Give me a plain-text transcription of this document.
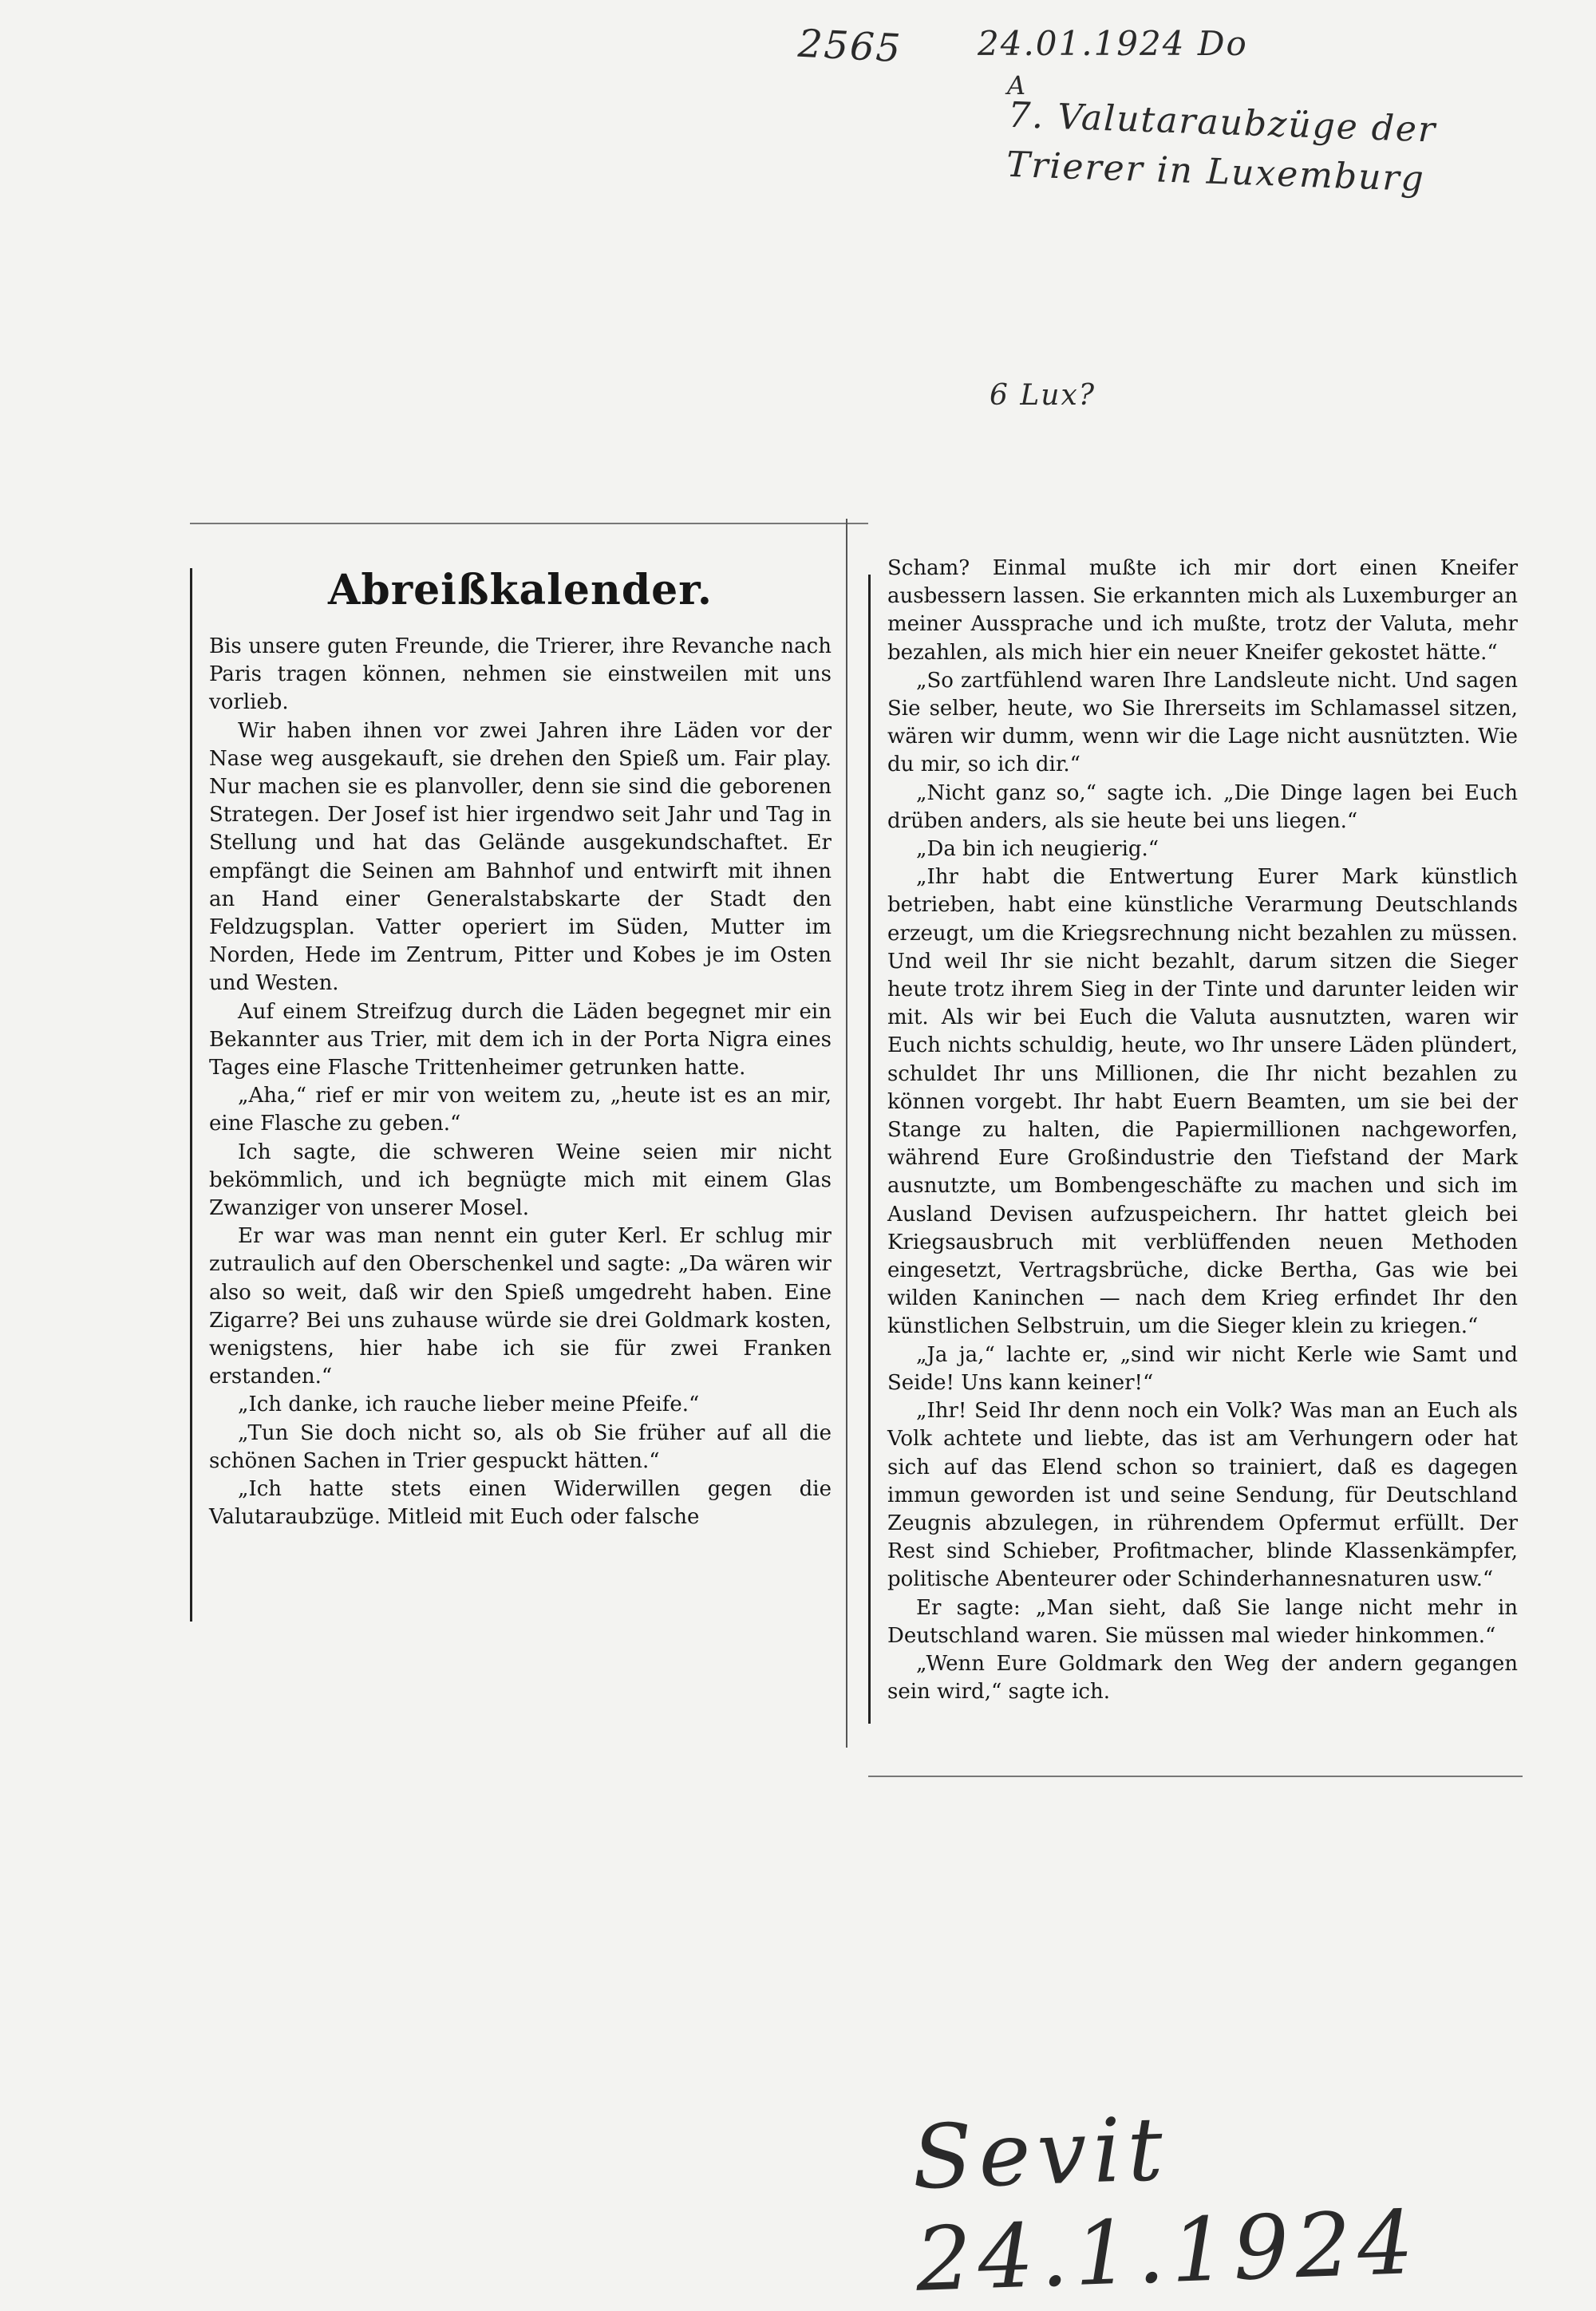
2565 24.01.1924 Do
A
7. Valutaraubzüge der Trierer in Luxemburg
6 Lux?
Abreißkalender.

Bis unsere guten Freunde, die Trierer, ihre Revanche nach Paris tragen können, nehmen sie einstweilen mit uns vorlieb.

Wir haben ihnen vor zwei Jahren ihre Läden vor der Nase weg ausgekauft, sie drehen den Spieß um. Fair play. Nur machen sie es planvoller, denn sie sind die geborenen Strategen. Der Josef ist hier irgendwo seit Jahr und Tag in Stellung und hat das Gelände ausgekundschaftet. Er empfängt die Seinen am Bahnhof und entwirft mit ihnen an Hand einer Generalstabskarte der Stadt den Feldzugsplan. Vatter operiert im Süden, Mutter im Norden, Hede im Zentrum, Pitter und Kobes je im Osten und Westen.

Auf einem Streifzug durch die Läden begegnet mir ein Bekannter aus Trier, mit dem ich in der Porta Nigra eines Tages eine Flasche Trittenheimer getrunken hatte.

„Aha,“ rief er mir von weitem zu, „heute ist es an mir, eine Flasche zu geben.“

Ich sagte, die schweren Weine seien mir nicht bekömmlich, und ich begnügte mich mit einem Glas Zwanziger von unserer Mosel.

Er war was man nennt ein guter Kerl. Er schlug mir zutraulich auf den Oberschenkel und sagte: „Da wären wir also so weit, daß wir den Spieß umgedreht haben. Eine Zigarre? Bei uns zuhause würde sie drei Goldmark kosten, wenigstens, hier habe ich sie für zwei Franken erstanden.“

„Ich danke, ich rauche lieber meine Pfeife.“

„Tun Sie doch nicht so, als ob Sie früher auf all die schönen Sachen in Trier gespuckt hätten.“

„Ich hatte stets einen Widerwillen gegen die Valutaraubzüge. Mitleid mit Euch oder falsche

Scham? Einmal mußte ich mir dort einen Kneifer ausbessern lassen. Sie erkannten mich als Luxemburger an meiner Aussprache und ich mußte, trotz der Valuta, mehr bezahlen, als mich hier ein neuer Kneifer gekostet hätte.“

„So zartfühlend waren Ihre Landsleute nicht. Und sagen Sie selber, heute, wo Sie Ihrerseits im Schlamassel sitzen, wären wir dumm, wenn wir die Lage nicht ausnützten. Wie du mir, so ich dir.“

„Nicht ganz so,“ sagte ich. „Die Dinge lagen bei Euch drüben anders, als sie heute bei uns liegen.“

„Da bin ich neugierig.“

„Ihr habt die Entwertung Eurer Mark künstlich betrieben, habt eine künstliche Verarmung Deutschlands erzeugt, um die Kriegsrechnung nicht bezahlen zu müssen. Und weil Ihr sie nicht bezahlt, darum sitzen die Sieger heute trotz ihrem Sieg in der Tinte und darunter leiden wir mit. Als wir bei Euch die Valuta ausnutzten, waren wir Euch nichts schuldig, heute, wo Ihr unsere Läden plündert, schuldet Ihr uns Millionen, die Ihr nicht bezahlen zu können vorgebt. Ihr habt Euern Beamten, um sie bei der Stange zu halten, die Papiermillionen nachgeworfen, während Eure Großindustrie den Tiefstand der Mark ausnutzte, um Bombengeschäfte zu machen und sich im Ausland Devisen aufzuspeichern. Ihr hattet gleich bei Kriegsausbruch mit verblüffenden neuen Methoden eingesetzt, Vertragsbrüche, dicke Bertha, Gas wie bei wilden Kaninchen — nach dem Krieg erfindet Ihr den künstlichen Selbstruin, um die Sieger klein zu kriegen.“

„Ja ja,“ lachte er, „sind wir nicht Kerle wie Samt und Seide! Uns kann keiner!“

„Ihr! Seid Ihr denn noch ein Volk? Was man an Euch als Volk achtete und liebte, das ist am Verhungern oder hat sich auf das Elend schon so trainiert, daß es dagegen immun geworden ist und seine Sendung, für Deutschland Zeugnis abzulegen, in rührendem Opfermut erfüllt. Der Rest sind Schieber, Profitmacher, blinde Klassenkämpfer, politische Abenteurer oder Schinderhannesnaturen usw.“

Er sagte: „Man sieht, daß Sie lange nicht mehr in Deutschland waren. Sie müssen mal wieder hinkommen.“

„Wenn Eure Goldmark den Weg der andern gegangen sein wird,“ sagte ich.

Sevit 24.1.1924
